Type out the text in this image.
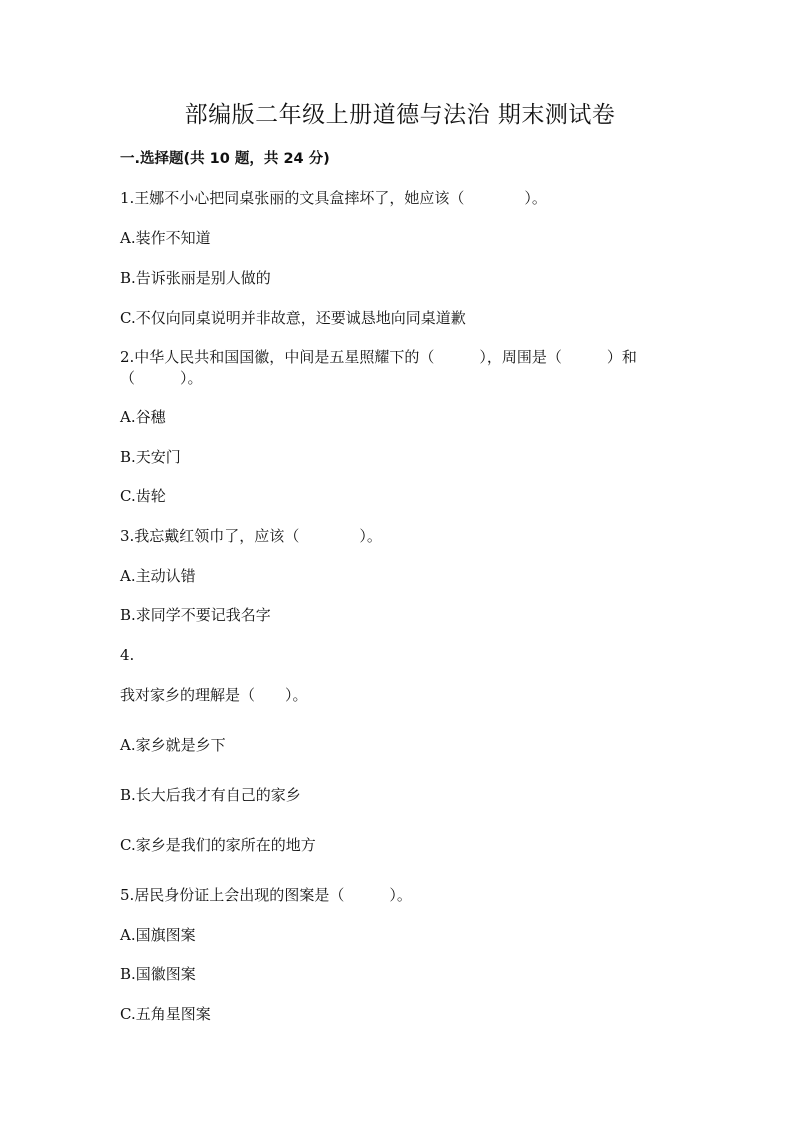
部编版二年级上册道德与法治 期末测试卷

一.选择题(共 10 题，共 24 分)

1.王娜不小心把同桌张丽的文具盒摔坏了，她应该（　　　　）。

A.装作不知道

B.告诉张丽是别人做的

C.不仅向同桌说明并非故意，还要诚恳地向同桌道歉

2.中华人民共和国国徽，中间是五星照耀下的（　　　），周围是（　　　）和

（　　　）。

A.谷穗

B.天安门

C.齿轮

3.我忘戴红领巾了，应该（　　　　）。

A.主动认错

B.求同学不要记我名字

4.

我对家乡的理解是（　　）。

A.家乡就是乡下

B.长大后我才有自己的家乡

C.家乡是我们的家所在的地方

5.居民身份证上会出现的图案是（　　　）。

A.国旗图案

B.国徽图案

C.五角星图案
